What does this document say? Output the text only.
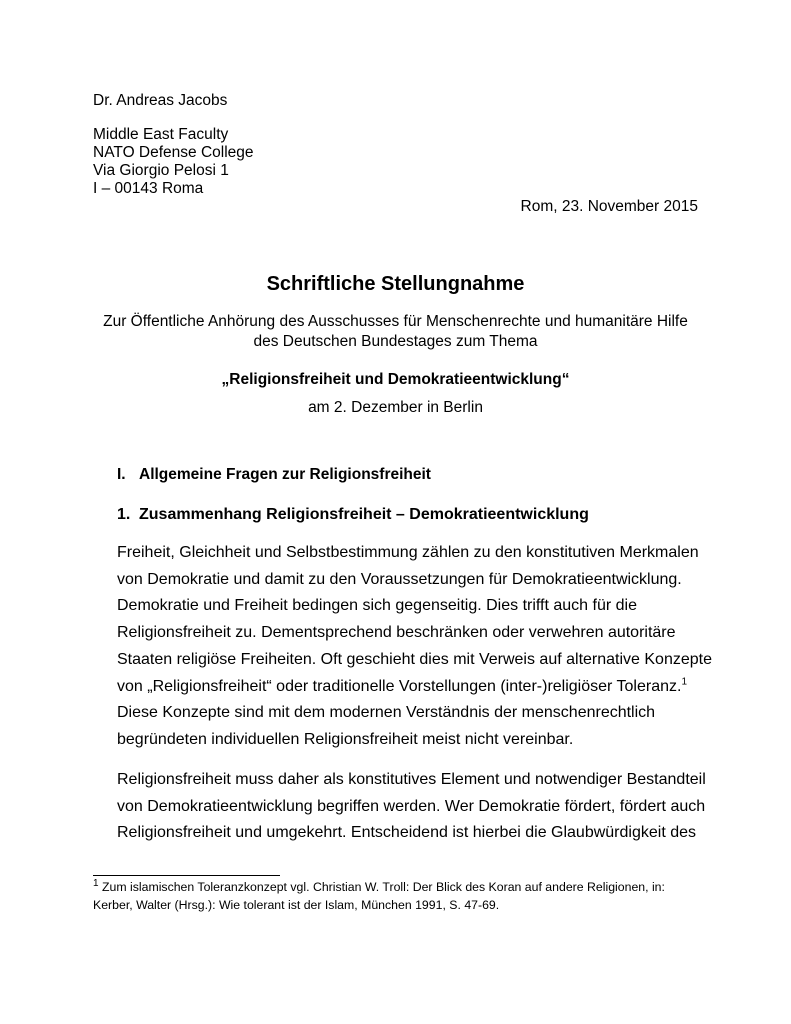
Dr. Andreas Jacobs
Middle East Faculty
NATO Defense College
Via Giorgio Pelosi 1
I – 00143 Roma
Rom, 23. November 2015
Schriftliche Stellungnahme
Zur Öffentliche Anhörung des Ausschusses für Menschenrechte und humanitäre Hilfe
des Deutschen Bundestages zum Thema
„Religionsfreiheit und Demokratieentwicklung“
am 2. Dezember in Berlin
I. Allgemeine Fragen zur Religionsfreiheit
1. Zusammenhang Religionsfreiheit – Demokratieentwicklung
Freiheit, Gleichheit und Selbstbestimmung zählen zu den konstitutiven Merkmalen
von Demokratie und damit zu den Voraussetzungen für Demokratieentwicklung.
Demokratie und Freiheit bedingen sich gegenseitig. Dies trifft auch für die
Religionsfreiheit zu. Dementsprechend beschränken oder verwehren autoritäre
Staaten religiöse Freiheiten. Oft geschieht dies mit Verweis auf alternative Konzepte
von „Religionsfreiheit“ oder traditionelle Vorstellungen (inter-)religiöser Toleranz.$^1$
Diese Konzepte sind mit dem modernen Verständnis der menschenrechtlich
begründeten individuellen Religionsfreiheit meist nicht vereinbar.
Religionsfreiheit muss daher als konstitutives Element und notwendiger Bestandteil
von Demokratieentwicklung begriffen werden. Wer Demokratie fördert, fördert auch
Religionsfreiheit und umgekehrt. Entscheidend ist hierbei die Glaubwürdigkeit des
$^1$ Zum islamischen Toleranzkonzept vgl. Christian W. Troll: Der Blick des Koran auf andere Religionen, in:
Kerber, Walter (Hrsg.): Wie tolerant ist der Islam, München 1991, S. 47-69.
